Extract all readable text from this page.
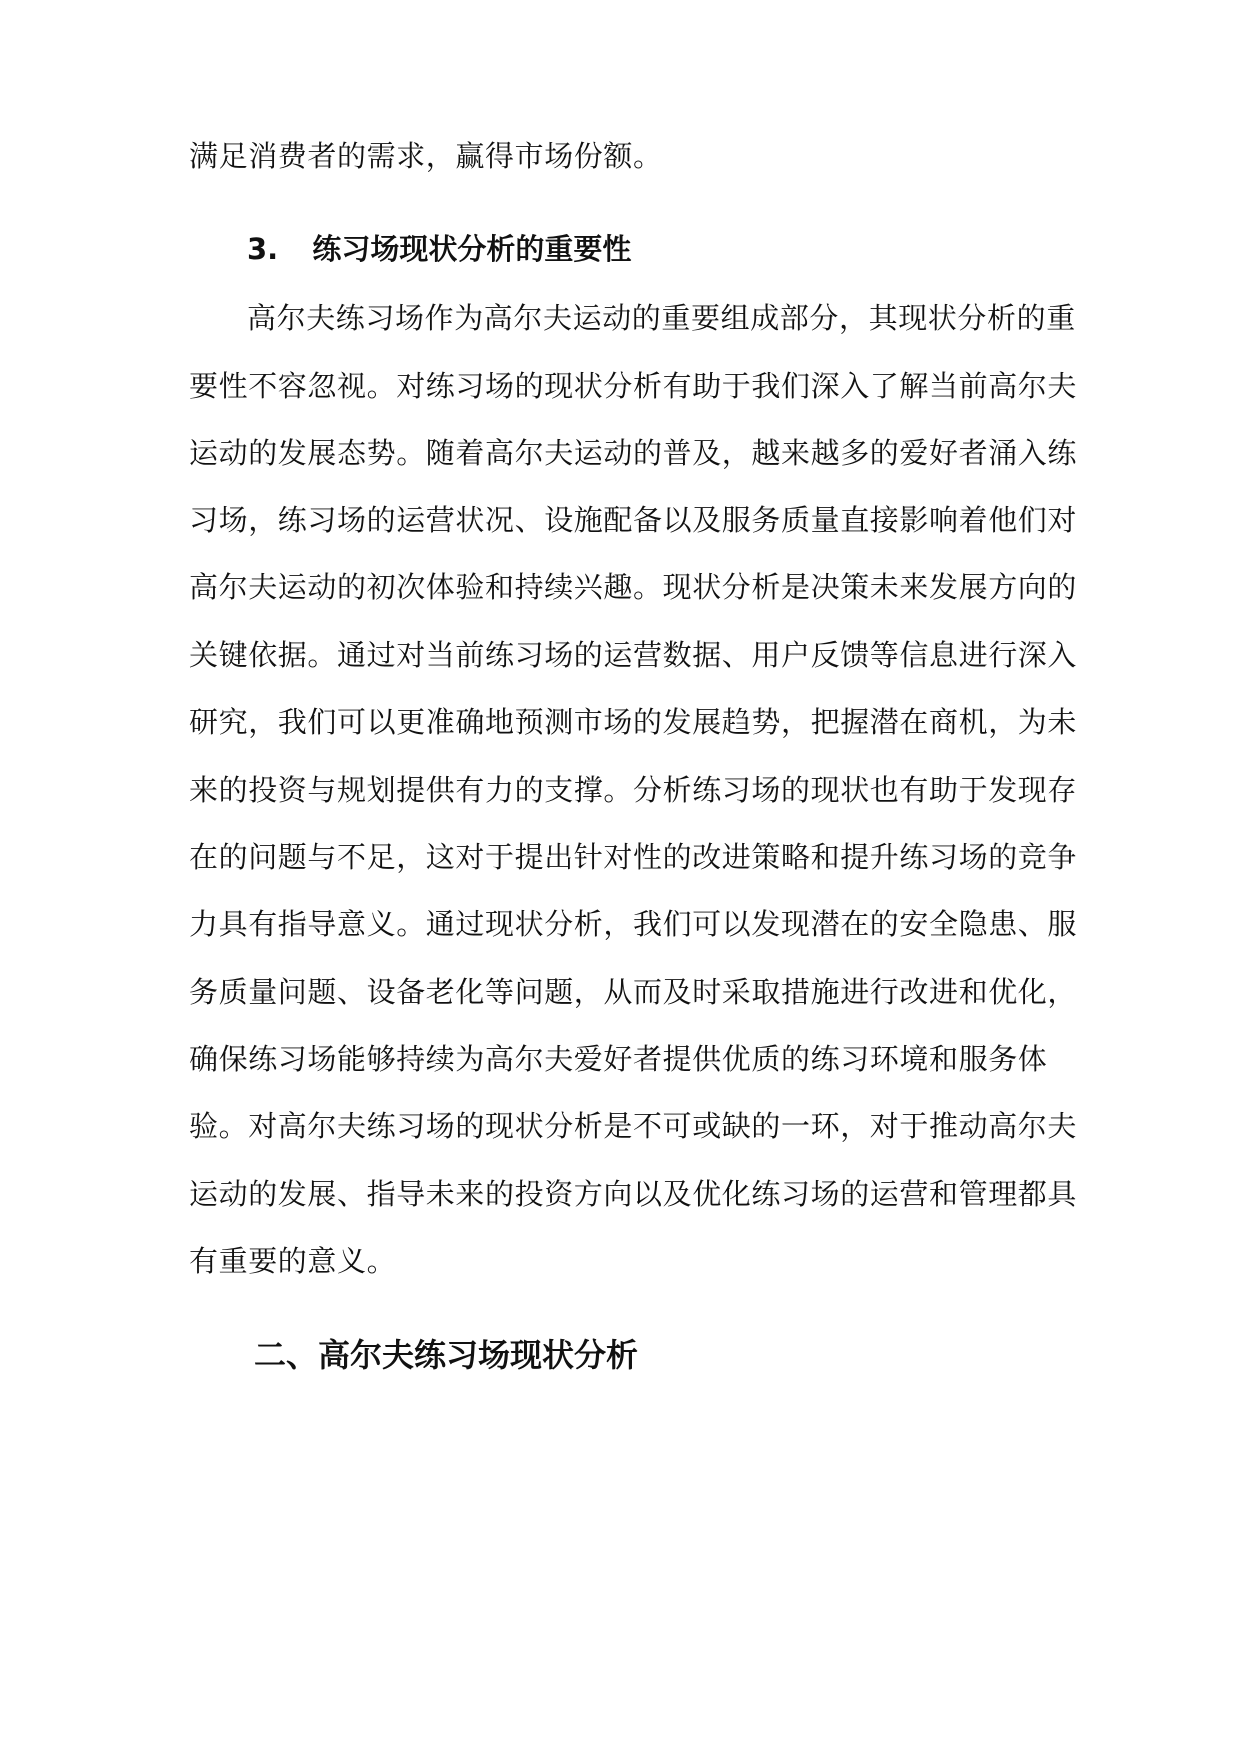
满足消费者的需求，赢得市场份额。
3. 练习场现状分析的重要性
高尔夫练习场作为高尔夫运动的重要组成部分，其现状分析的重
要性不容忽视。对练习场的现状分析有助于我们深入了解当前高尔夫
运动的发展态势。随着高尔夫运动的普及，越来越多的爱好者涌入练
习场，练习场的运营状况、设施配备以及服务质量直接影响着他们对
高尔夫运动的初次体验和持续兴趣。现状分析是决策未来发展方向的
关键依据。通过对当前练习场的运营数据、用户反馈等信息进行深入
研究，我们可以更准确地预测市场的发展趋势，把握潜在商机，为未
来的投资与规划提供有力的支撑。分析练习场的现状也有助于发现存
在的问题与不足，这对于提出针对性的改进策略和提升练习场的竞争
力具有指导意义。通过现状分析，我们可以发现潜在的安全隐患、服
务质量问题、设备老化等问题，从而及时采取措施进行改进和优化，
确保练习场能够持续为高尔夫爱好者提供优质的练习环境和服务体
验。对高尔夫练习场的现状分析是不可或缺的一环，对于推动高尔夫
运动的发展、指导未来的投资方向以及优化练习场的运营和管理都具
有重要的意义。
二、高尔夫练习场现状分析
